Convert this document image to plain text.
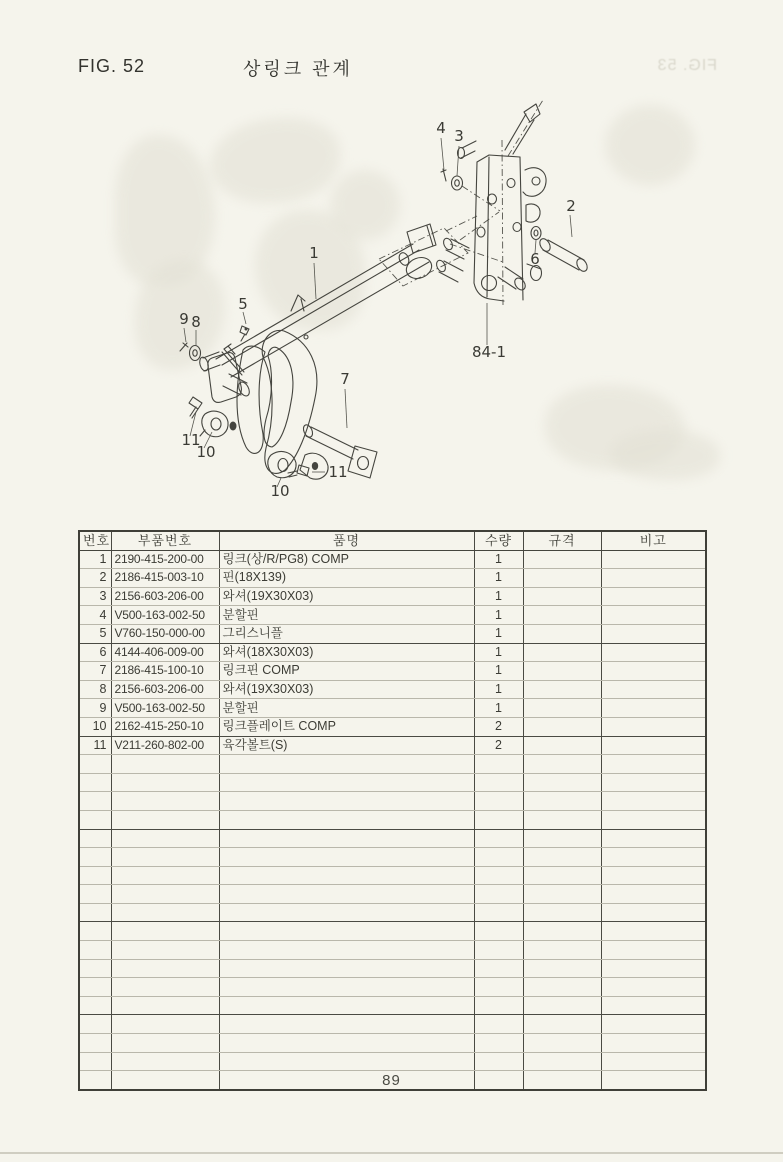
FIG. 52	상링크 관계	FIG. 53
4 3
2
6
1
5
9 8
84-1
7
11
10
11
10
번호	부품번호	품명	수량	규격	비고
1	2190-415-200-00	링크(상/R/PG8) COMP	1		
2	2186-415-003-10	핀(18X139)	1		
3	2156-603-206-00	와셔(19X30X03)	1		
4	V500-163-002-50	분할핀	1		
5	V760-150-000-00	그리스니플	1		
6	4144-406-009-00	와셔(18X30X03)	1		
7	2186-415-100-10	링크핀 COMP	1		
8	2156-603-206-00	와셔(19X30X03)	1		
9	V500-163-002-50	분할핀	1		
10	2162-415-250-10	링크플레이트 COMP	2		
11	V211-260-802-00	육각볼트(S)	2		

89
